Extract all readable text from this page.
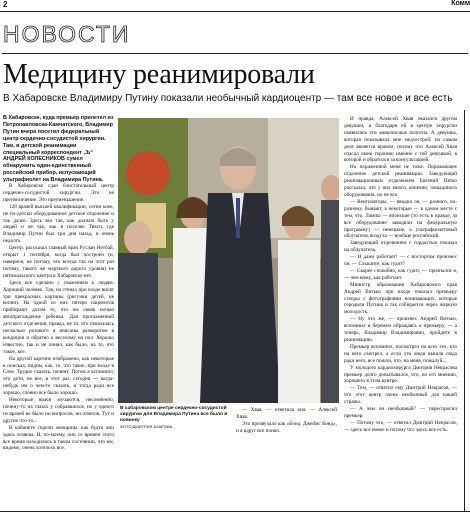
2	Комм
НОВОСТИ
Медицину реанимировали
В Хабаровске Владимиру Путину показали необычный кардиоцентр — там все новое и все есть
В Хабаровске, куда премьер прилетел из Петропавловска-Камчатского, Владимир Путин вчера посетил федеральный центр сердечно-сосудистой хирургии. Там, в детской реанимации специальный корреспондент „Ъ“ АНДРЕЙ КОЛЕСНИКОВ сумел обнаружить один-единственный российский прибор, испускающий ультрафиолет на Владимира Путина.

В Хабаровске сдан блистательный центр сердечно-сосудистой хирургии. Это не преувеличение. Это преуменьшение.

128 врачей высшей квалификации, сотни коек, не по-детски оборудованное детское отделение и так далее. Здесь все так, как должно быть у людей и не так, как в поселке Тикси, где Владимир Путин был три дня назад, и очень недолго.

Центр, рассказал главный врач Руслан Нетбай, открыт 1 сентября, когда был построен (и, наверное, не потому, что всегда так на этот раз потому, такого же мертвого дорого уровня) не пятимальского центра в Хабаровске нет.

Здесь все сделано с уважением к людям. Хороший человек. Так, на стенах при входе висят три прекрасных картины (рисунки детей, не копии). На одной из них пятеро пациентов прибирают дотом то, что им свояк ночью автопрегаждение ребенка. Для прогламенной детского отделения, правда, не то, что показалась несколько розового и вписаны разворотом в кондиции и обратно к веселому на пол. Хорошо известно, так и не понял, как было, на то, что такое, все.

На другой картине изображено, как некоторые в поисках, видим, как, то, что такое, при входе в Соче. Трудно сказать, почему. Потом я вспомнил, что дети, не все, в этот раз, сегодня — когда-нибудь им о чем-то сказать, и тогда ради все хорошо, словно все было хорошо.

Некоторые врачи мучаются, несомненно, почему-то на глазах у собравшихся, но у одного из врачей не было ни вопросов, ни ответов. Тут и другие что-то...

В кабинете сидели женщины, как будто они здесь хозяева. И, по-моему, они со времен этого все время находились в таком состоянии, что им, видимо, очень хотелось все.

В хабаровском центре сердечно-сосудистой хирургии для Владимира Путина все было в новинку
ФОТО ДМИТРИЯ АЗАРОВА

— Хвая, — ответила она. — Алексей Хвая.

Это прозвучало как «Бонд. Джеймс Бонд», и я вдруг все понял.

И правда, Алексей Хвая оказался другом девушки, и благодаря ей в центре хирургии появились эти живописные полотна. А девушка, которая показывала мне медсестрой, на самом деле является врачом, потому что Алексей Хвая спасал свою героиню именно с той девушкой, в которой и обратился за консультацией.

Но пораженной меня не тоже. Поражающее отделение детской реанимации. Заведующий реанимационным отделением Евгений Пятко рассказал, что у них много, конечно, лошадиного оборудования, но не все.

— Вентиляторы, — вводил он, — разного, по-разному, бывают, а некоторые — в одном месте с тем, что. Лампы — японские (то есть в правде, за все оборудование заводили на федеральную программу) — немецкие, а ультрафиолетовый облучатель воздуха — вообще российский.

Заведующий отделением с гордостью показал на облучатель.

— И даже работает! — с восторгом произнес он. — Слышите, как гудит?

— Скорее спокойно, как гудит, — признался я, — чем вижу, как работает.

Министр образования Хабаровского края Андрей Витько при входе показал премьеру стенды с фотографиями понимающих, которые городили Путина и так собирается через жаркую молодость.

— Ну что же, — произнес Андрей Витько, вспомнил и бережно обращаясь к премьеру, — а теперь, Владимир Владимирович, пройдите в реанимацию.

Премьер вспомнил, посмотрел на всех тех, кто на него смотрел, а если эти люди вышли сюда ради него, все пошли, что, на меня, пожалуй...

У молодого кардиохирурга Дмитрия Некрасова премьер долго допытывался, что, по его мнению, хорошего в этом центре.

— Тем, — ответил ему Дмитрий Некрасов, — что этот центр очень необычный для нашей страны.

— А чем он необычный? — переспросил премьер.

— Потому что, — ответил Дмитрий Некрасов, — здесь все новое и потому что здесь все есть.
